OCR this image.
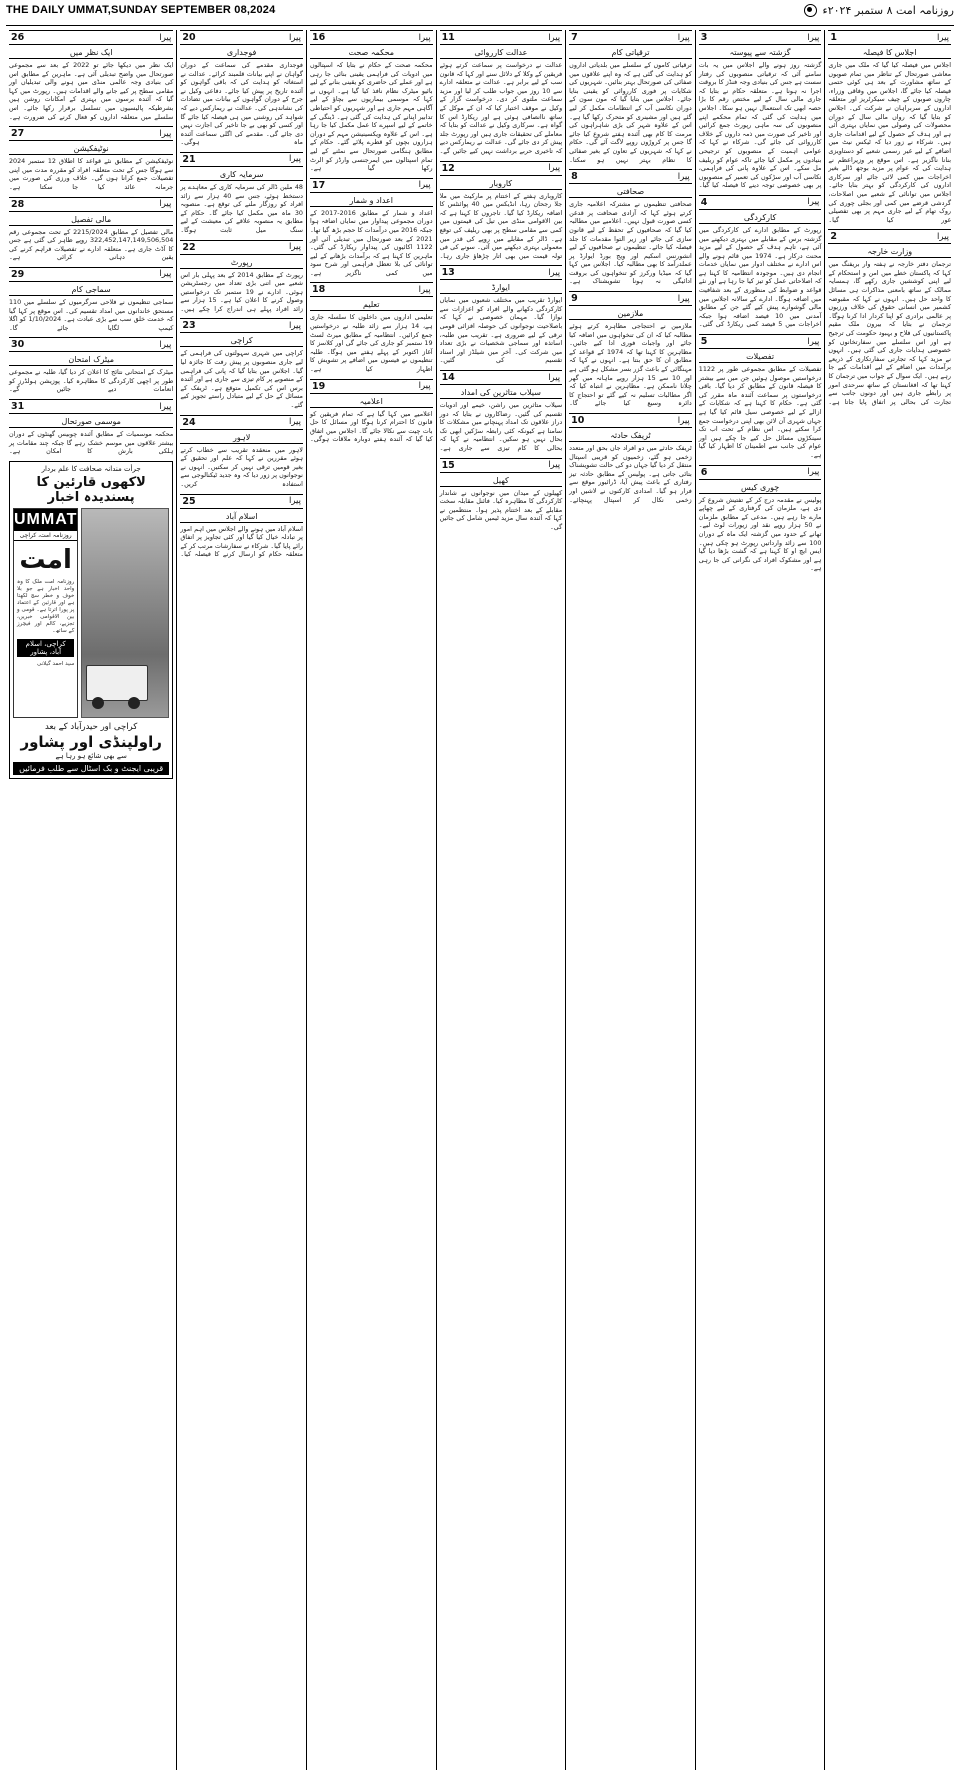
THE DAILY UMMAT,SUNDAY SEPTEMBER 08,2024	روزنامہ امت ۸ ستمبر ۲۰۲۴ء
پیرا
1
اجلاس کا فیصلہ
اجلاس میں فیصلہ کیا گیا کہ ملک میں جاری معاشی صورتحال کے تناظر میں تمام صوبوں کے ساتھ مشاورت کے بعد ہی کوئی حتمی فیصلہ کیا جائے گا، اجلاس میں وفاقی وزراء، چاروں صوبوں کے چیف سیکرٹریز اور متعلقہ اداروں کے سربراہان نے شرکت کی۔ اجلاس کو بتایا گیا کہ رواں مالی سال کے دوران محصولات کی وصولی میں نمایاں بہتری آئی ہے اور ہدف کے حصول کے لیے اقدامات جاری ہیں۔ شرکاء نے زور دیا کہ ٹیکس نیٹ میں اضافے کے لیے غیر رسمی شعبے کو دستاویزی بنانا ناگزیر ہے۔ اس موقع پر وزیراعظم نے ہدایت کی کہ عوام پر مزید بوجھ ڈالے بغیر اخراجات میں کمی لائی جائے اور سرکاری اداروں کی کارکردگی کو بہتر بنایا جائے۔ اجلاس میں توانائی کے شعبے میں اصلاحات، گردشی قرضے میں کمی اور بجلی چوری کی روک تھام کے لیے جاری مہم پر بھی تفصیلی غور کیا گیا۔
پیرا
2
وزارت خارجہ
ترجمان دفتر خارجہ نے ہفتہ وار بریفنگ میں کہا کہ پاکستان خطے میں امن و استحکام کے لیے اپنی کوششیں جاری رکھے گا، ہمسایہ ممالک کے ساتھ بامعنی مذاکرات ہی مسائل کا واحد حل ہیں۔ انہوں نے کہا کہ مقبوضہ کشمیر میں انسانی حقوق کی خلاف ورزیوں پر عالمی برادری کو اپنا کردار ادا کرنا ہوگا۔ ترجمان نے بتایا کہ بیرون ملک مقیم پاکستانیوں کی فلاح و بہبود حکومت کی ترجیح ہے اور اس سلسلے میں سفارتخانوں کو خصوصی ہدایات جاری کی گئی ہیں۔ انہوں نے مزید کہا کہ تجارتی سفارتکاری کے ذریعے برآمدات میں اضافے کے لیے اقدامات کیے جا رہے ہیں۔ ایک سوال کے جواب میں ترجمان کا کہنا تھا کہ افغانستان کے ساتھ سرحدی امور پر رابطے جاری ہیں اور دونوں جانب سے تجارت کی بحالی پر اتفاق پایا جاتا ہے۔
پیرا
3
گزشتہ سے پیوستہ
گزشتہ روز ہونے والے اجلاس میں یہ بات سامنے آئی کہ ترقیاتی منصوبوں کی رفتار سست ہے جس کی بنیادی وجہ فنڈز کا بروقت اجرا نہ ہونا ہے۔ متعلقہ حکام نے بتایا کہ جاری مالی سال کے لیے مختص رقم کا بڑا حصہ ابھی تک استعمال نہیں ہو سکا۔ اجلاس میں ہدایت کی گئی کہ تمام محکمے اپنے منصوبوں کی سہ ماہی رپورٹ جمع کرائیں اور تاخیر کی صورت میں ذمہ داروں کے خلاف کارروائی کی جائے گی۔ شرکاء نے کہا کہ عوامی اہمیت کے منصوبوں کو ترجیحی بنیادوں پر مکمل کیا جائے تاکہ عوام کو ریلیف مل سکے۔ اس کے علاوہ پانی کی فراہمی، نکاسی آب اور سڑکوں کی تعمیر کے منصوبوں پر بھی خصوصی توجہ دینے کا فیصلہ کیا گیا۔
پیرا
4
کارکردگی
رپورٹ کے مطابق ادارے کی کارکردگی میں گزشتہ برس کے مقابلے میں بہتری دیکھنے میں آئی ہے، تاہم ہدف کے حصول کے لیے مزید محنت درکار ہے۔ 1974 میں قائم ہونے والے اس ادارے نے مختلف ادوار میں نمایاں خدمات انجام دی ہیں۔ موجودہ انتظامیہ کا کہنا ہے کہ اصلاحاتی عمل کو تیز کیا جا رہا ہے اور نئے قواعد و ضوابط کی منظوری کے بعد شفافیت میں اضافہ ہوگا۔ ادارے کے سالانہ اجلاس میں مالی گوشوارے پیش کیے گئے جن کے مطابق آمدنی میں 10 فیصد اضافہ ہوا جبکہ اخراجات میں 5 فیصد کمی ریکارڈ کی گئی۔
پیرا
5
تفصیلات
تفصیلات کے مطابق مجموعی طور پر 1122 درخواستیں موصول ہوئیں جن میں سے بیشتر کا فیصلہ قانون کے مطابق کر دیا گیا۔ باقی درخواستوں پر سماعت آئندہ ماہ مقرر کی گئی ہے۔ حکام کا کہنا ہے کہ شکایات کے ازالے کے لیے خصوصی سیل قائم کیا گیا ہے جہاں شہری آن لائن بھی اپنی درخواست جمع کرا سکتے ہیں۔ اس نظام کے تحت اب تک سینکڑوں مسائل حل کیے جا چکے ہیں اور عوام کی جانب سے اطمینان کا اظہار کیا گیا ہے۔
پیرا
6
چوری کیس
پولیس نے مقدمہ درج کر کے تفتیش شروع کر دی ہے، ملزمان کی گرفتاری کے لیے چھاپے مارے جا رہے ہیں۔ مدعی کے مطابق ملزمان نے 50 ہزار روپے نقد اور زیورات لوٹ لیے۔ تھانے کے حدود میں گزشتہ ایک ماہ کے دوران 100 سے زائد وارداتیں رپورٹ ہو چکی ہیں۔ ایس ایچ او کا کہنا ہے کہ گشت بڑھا دیا گیا ہے اور مشکوک افراد کی نگرانی کی جا رہی ہے۔
پیرا
7
ترقیاتی کام
ترقیاتی کاموں کے سلسلے میں بلدیاتی اداروں کو ہدایت کی گئی ہے کہ وہ اپنے علاقوں میں صفائی کی صورتحال بہتر بنائیں۔ شہریوں کی شکایات پر فوری کارروائی کو یقینی بنایا جائے۔ اجلاس میں بتایا گیا کہ مون سون کے دوران نکاسی آب کے انتظامات مکمل کر لیے گئے ہیں اور مشینری کو متحرک رکھا گیا ہے۔ اس کے علاوہ شہر کی بڑی شاہراہوں کی مرمت کا کام بھی آئندہ ہفتے شروع کیا جائے گا جس پر کروڑوں روپے لاگت آئے گی۔ حکام نے کہا کہ شہریوں کے تعاون کے بغیر صفائی کا نظام بہتر نہیں ہو سکتا۔
پیرا
8
صحافتی
صحافتی تنظیموں نے مشترکہ اعلامیہ جاری کرتے ہوئے کہا کہ آزادی صحافت پر قدغن کسی صورت قبول نہیں۔ اعلامیے میں مطالبہ کیا گیا کہ صحافیوں کے تحفظ کے لیے قانون سازی کی جائے اور زیر التوا مقدمات کا جلد فیصلہ کیا جائے۔ تنظیموں نے صحافیوں کے لیے انشورنس اسکیم اور ویج بورڈ ایوارڈ پر عملدرآمد کا بھی مطالبہ کیا۔ اجلاس میں کہا گیا کہ میڈیا ورکرز کو تنخواہوں کی بروقت ادائیگی نہ ہونا تشویشناک ہے۔
پیرا
9
ملازمین
ملازمین نے احتجاجی مظاہرہ کرتے ہوئے مطالبہ کیا کہ ان کی تنخواہوں میں اضافہ کیا جائے اور واجبات فوری ادا کیے جائیں۔ مظاہرین کا کہنا تھا کہ 1974 کے قواعد کے مطابق ان کا حق بنتا ہے۔ انہوں نے کہا کہ مہنگائی کے باعث گزر بسر مشکل ہو گئی ہے اور 10 سے 15 ہزار روپے ماہانہ میں گھر چلانا ناممکن ہے۔ مظاہرین نے انتباہ کیا کہ اگر مطالبات تسلیم نہ کیے گئے تو احتجاج کا دائرہ وسیع کیا جائے گا۔
پیرا
10
ٹریفک حادثہ
ٹریفک حادثے میں دو افراد جاں بحق اور متعدد زخمی ہو گئے، زخمیوں کو قریبی اسپتال منتقل کر دیا گیا جہاں دو کی حالت تشویشناک بتائی جاتی ہے۔ پولیس کے مطابق حادثہ تیز رفتاری کے باعث پیش آیا، ڈرائیور موقع سے فرار ہو گیا۔ امدادی کارکنوں نے لاشیں اور زخمی نکال کر اسپتال پہنچائے۔
پیرا
11
عدالت کارروائی
عدالت نے درخواست پر سماعت کرتے ہوئے فریقین کے وکلا کے دلائل سنے اور کہا کہ قانون سب کے لیے برابر ہے۔ عدالت نے متعلقہ ادارے سے 10 روز میں جواب طلب کر لیا اور مزید سماعت ملتوی کر دی۔ درخواست گزار کے وکیل نے موقف اختیار کیا کہ ان کے موکل کے ساتھ ناانصافی ہوئی ہے اور ریکارڈ اس کا گواہ ہے۔ سرکاری وکیل نے عدالت کو بتایا کہ معاملے کی تحقیقات جاری ہیں اور رپورٹ جلد پیش کر دی جائے گی۔ عدالت نے ریمارکس دیے کہ تاخیری حربے برداشت نہیں کیے جائیں گے۔
پیرا
12
کاروبار
کاروباری ہفتے کے اختتام پر مارکیٹ میں ملا جلا رجحان رہا، انڈیکس میں 40 پوائنٹس کا اضافہ ریکارڈ کیا گیا۔ تاجروں کا کہنا ہے کہ بین الاقوامی منڈی میں تیل کی قیمتوں میں کمی سے مقامی سطح پر بھی ریلیف کی توقع ہے۔ ڈالر کے مقابلے میں روپے کی قدر میں معمولی بہتری دیکھنے میں آئی۔ سونے کی فی تولہ قیمت میں بھی اتار چڑھاؤ جاری رہا۔
پیرا
13
ایوارڈ
ایوارڈ تقریب میں مختلف شعبوں میں نمایاں کارکردگی دکھانے والے افراد کو اعزازات سے نوازا گیا۔ مہمان خصوصی نے کہا کہ باصلاحیت نوجوانوں کی حوصلہ افزائی قومی ترقی کے لیے ضروری ہے۔ تقریب میں طلبہ، اساتذہ اور سماجی شخصیات نے بڑی تعداد میں شرکت کی۔ آخر میں شیلڈز اور اسناد تقسیم کی گئیں۔
پیرا
14
سیلاب متاثرین کی امداد
سیلاب متاثرین میں راشن، خیمے اور ادویات تقسیم کی گئیں۔ رضاکاروں نے بتایا کہ دور دراز علاقوں تک امداد پہنچانے میں مشکلات کا سامنا ہے کیونکہ کئی رابطہ سڑکیں ابھی تک بحال نہیں ہو سکیں۔ انتظامیہ نے کہا کہ بحالی کا کام تیزی سے جاری ہے۔
پیرا
15
کھیل
کھیلوں کے میدان میں نوجوانوں نے شاندار کارکردگی کا مظاہرہ کیا۔ فائنل مقابلہ سخت مقابلے کے بعد اختتام پذیر ہوا۔ منتظمین نے کہا کہ آئندہ سال مزید ٹیمیں شامل کی جائیں گی۔
پیرا
16
محکمہ صحت
محکمہ صحت کے حکام نے بتایا کہ اسپتالوں میں ادویات کی فراہمی یقینی بنائی جا رہی ہے اور عملے کی حاضری کو یقینی بنانے کے لیے بائیو میٹرک نظام نافذ کیا گیا ہے۔ انہوں نے کہا کہ موسمی بیماریوں سے بچاؤ کے لیے آگاہی مہم جاری ہے اور شہریوں کو احتیاطی تدابیر اپنانے کی ہدایت کی گئی ہے۔ ڈینگی کے خاتمے کے لیے اسپرے کا عمل مکمل کیا جا رہا ہے۔ اس کے علاوہ ویکسینیشن مہم کے دوران ہزاروں بچوں کو قطرے پلائے گئے۔ حکام کے مطابق ہنگامی صورتحال سے نمٹنے کے لیے تمام اسپتالوں میں ایمرجنسی وارڈز کو الرٹ رکھا گیا ہے۔
پیرا
17
اعداد و شمار
اعداد و شمار کے مطابق 2016-2017 کے دوران مجموعی پیداوار میں نمایاں اضافہ ہوا جبکہ 2016 میں درآمدات کا حجم بڑھ گیا تھا۔ 2021 کے بعد صورتحال میں تبدیلی آئی اور 1122 اکائیوں کی پیداوار ریکارڈ کی گئی۔ ماہرین کا کہنا ہے کہ برآمدات بڑھانے کے لیے توانائی کی بلا تعطل فراہمی اور شرح سود میں کمی ناگزیر ہے۔
پیرا
18
تعلیم
تعلیمی اداروں میں داخلوں کا سلسلہ جاری ہے، 14 ہزار سے زائد طلبہ نے درخواستیں جمع کرائیں۔ انتظامیہ کے مطابق میرٹ لسٹ 19 ستمبر کو جاری کی جائے گی اور کلاسز کا آغاز اکتوبر کے پہلے ہفتے میں ہوگا۔ طلبہ تنظیموں نے فیسوں میں اضافے پر تشویش کا اظہار کیا ہے۔
پیرا
19
اعلامیہ
اعلامیے میں کہا گیا ہے کہ تمام فریقین کو قانون کا احترام کرنا ہوگا اور مسائل کا حل بات چیت سے نکالا جائے گا۔ اجلاس میں اتفاق کیا گیا کہ آئندہ ہفتے دوبارہ ملاقات ہوگی۔
پیرا
20
فوجداری
فوجداری مقدمے کی سماعت کے دوران گواہان نے اپنے بیانات قلمبند کرائے۔ عدالت نے استغاثہ کو ہدایت کی کہ باقی گواہوں کو آئندہ تاریخ پر پیش کیا جائے۔ دفاعی وکیل نے جرح کے دوران گواہوں کے بیانات میں تضادات کی نشاندہی کی۔ عدالت نے ریمارکس دیے کہ شواہد کی روشنی میں ہی فیصلہ کیا جائے گا اور کسی کو بھی بے جا تاخیر کی اجازت نہیں دی جائے گی۔ مقدمے کی اگلی سماعت آئندہ ماہ ہوگی۔
پیرا
21
سرمایہ کاری
48 ملین ڈالر کی سرمایہ کاری کے معاہدے پر دستخط ہوئے، جس سے 40 ہزار سے زائد افراد کو روزگار ملنے کی توقع ہے۔ منصوبہ 30 ماہ میں مکمل کیا جائے گا۔ حکام کے مطابق یہ منصوبہ علاقے کی معیشت کے لیے سنگ میل ثابت ہوگا۔
پیرا
22
رپورٹ
رپورٹ کے مطابق 2014 کے بعد پہلی بار اس شعبے میں اتنی بڑی تعداد میں رجسٹریشن ہوئی۔ ادارے نے 19 ستمبر تک درخواستیں وصول کرنے کا اعلان کیا ہے۔ 15 ہزار سے زائد افراد پہلے ہی اندراج کرا چکے ہیں۔
پیرا
23
کراچی
کراچی میں شہری سہولتوں کی فراہمی کے لیے جاری منصوبوں پر پیش رفت کا جائزہ لیا گیا۔ اجلاس میں بتایا گیا کہ پانی کی فراہمی کے منصوبے پر کام تیزی سے جاری ہے اور آئندہ برس اس کی تکمیل متوقع ہے۔ ٹریفک کے مسائل کے حل کے لیے متبادل راستے تجویز کیے گئے۔
پیرا
24
لاہور
لاہور میں منعقدہ تقریب سے خطاب کرتے ہوئے مقررین نے کہا کہ علم اور تحقیق کے بغیر قومیں ترقی نہیں کر سکتیں۔ انہوں نے نوجوانوں پر زور دیا کہ وہ جدید ٹیکنالوجی سے استفادہ کریں۔
پیرا
25
اسلام آباد
اسلام آباد میں ہونے والے اجلاس میں اہم امور پر تبادلہ خیال کیا گیا اور کئی تجاویز پر اتفاق رائے پایا گیا۔ شرکاء نے سفارشات مرتب کر کے متعلقہ حکام کو ارسال کرنے کا فیصلہ کیا۔
پیرا
26
ایک نظر میں
ایک نظر میں دیکھا جائے تو 2022 کے بعد سے مجموعی صورتحال میں واضح تبدیلی آئی ہے۔ ماہرین کے مطابق اس کی بنیادی وجہ عالمی منڈی میں ہونے والی تبدیلیاں اور مقامی سطح پر کیے جانے والے اقدامات ہیں۔ رپورٹ میں کہا گیا کہ آئندہ برسوں میں بہتری کے امکانات روشن ہیں بشرطیکہ پالیسیوں میں تسلسل برقرار رکھا جائے۔ اس سلسلے میں متعلقہ اداروں کو فعال کرنے کی ضرورت ہے۔
پیرا
27
نوٹیفکیشن
نوٹیفکیشن کے مطابق نئے قواعد کا اطلاق 12 ستمبر 2024 سے ہوگا جس کے تحت متعلقہ افراد کو مقررہ مدت میں اپنی تفصیلات جمع کرانا ہوں گی۔ خلاف ورزی کی صورت میں جرمانہ عائد کیا جا سکتا ہے۔
پیرا
28
مالی تفصیل
مالی تفصیل کے مطابق 2215/2024 کے تحت مجموعی رقم 322,452,147,149,506,504 روپے ظاہر کی گئی ہے جس کا آڈٹ جاری ہے۔ متعلقہ ادارے نے تفصیلات فراہم کرنے کی یقین دہانی کرائی ہے۔
پیرا
29
سماجی کام
سماجی تنظیموں نے فلاحی سرگرمیوں کے سلسلے میں 110 مستحق خاندانوں میں امداد تقسیم کی۔ اس موقع پر کہا گیا کہ خدمت خلق سب سے بڑی عبادت ہے۔ 1/10/2024 کو اگلا کیمپ لگایا جائے گا۔
پیرا
30
میٹرک امتحان
میٹرک کے امتحانی نتائج کا اعلان کر دیا گیا، طلبہ نے مجموعی طور پر اچھی کارکردگی کا مظاہرہ کیا۔ پوزیشن ہولڈرز کو انعامات دیے جائیں گے۔
پیرا
31
موسمی صورتحال
محکمہ موسمیات کے مطابق آئندہ چوبیس گھنٹوں کے دوران بیشتر علاقوں میں موسم خشک رہے گا جبکہ چند مقامات پر ہلکی بارش کا امکان ہے۔
جرأت مندانہ صحافت کا علم بردار
لاکھوں قارئین کا پسندیدہ اخبار
UMMAT
روزنامہ امت، کراچی
امت
روزنامہ امت ملک کا وہ واحد اخبار ہے جو بلا خوف و خطر سچ لکھتا ہے اور قارئین کے اعتماد پر پورا اترتا ہے۔ قومی و بین الاقوامی خبریں، تجزیے، کالم اور فیچرز کے ساتھ۔
کراچی، اسلام آباد، پشاور
سید احمد گیلانی
کراچی اور حیدرآباد کے بعد
راولپنڈی اور پشاور
سے بھی شائع ہو رہا ہے
قریبی ایجنٹ و بک اسٹال سے طلب فرمائیں
